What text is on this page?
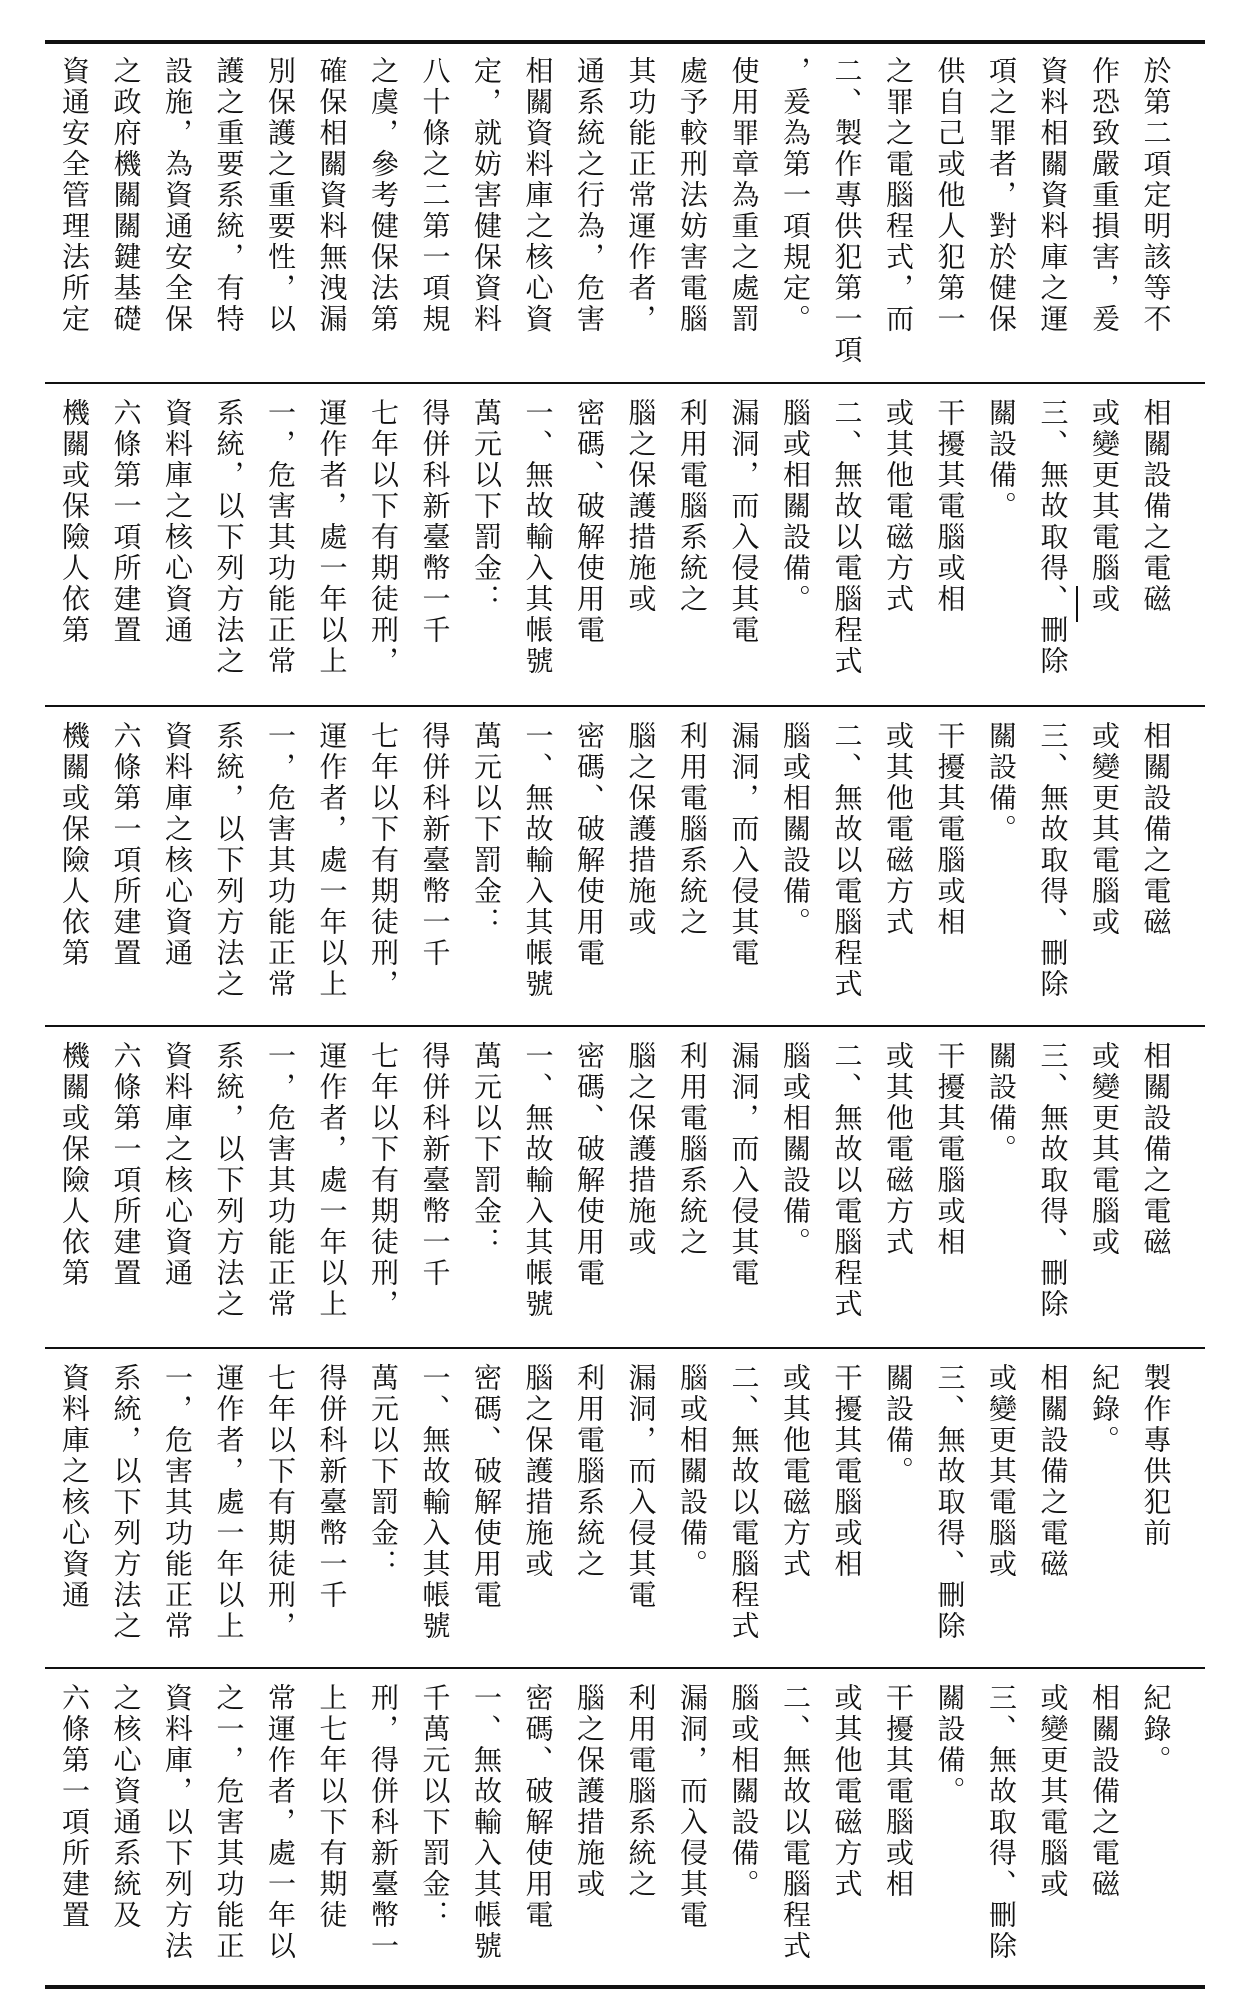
資通安全管理法所定 之政府機關關鍵基礎 設施，為資通安全保 護之重要系統，有特 別保護之重要性，以 確保相關資料無洩漏 之虞，參考健保法第 八十條之二第一項規 定，就妨害健保資料 相關資料庫之核心資 通系統之行為，危害 其功能正常運作者， 處予較刑法妨害電腦 使用罪章為重之處罰 ，爰為第一項規定。 二、製作專供犯第一項 之罪之電腦程式，而 供自己或他人犯第一 項之罪者，對於健保 資料相關資料庫之運 作恐致嚴重損害，爰 於第二項定明該等不
機關或保險人依第 六條第一項所建置 資料庫之核心資通 系統，以下列方法之 一，危害其功能正常 運作者，處一年以上 七年以下有期徒刑， 得併科新臺幣一千 萬元以下罰金： 一、無故輸入其帳號 密碼、破解使用電 腦之保護措施或 利用電腦系統之 漏洞，而入侵其電 腦或相關設備。 二、無故以電腦程式 或其他電磁方式 干擾其電腦或相 關設備。 三、無故取得、刪除 或變更其電腦或 相關設備之電磁
機關或保險人依第 六條第一項所建置 資料庫之核心資通 系統，以下列方法之 一，危害其功能正常 運作者，處一年以上 七年以下有期徒刑， 得併科新臺幣一千 萬元以下罰金： 一、無故輸入其帳號 密碼、破解使用電 腦之保護措施或 利用電腦系統之 漏洞，而入侵其電 腦或相關設備。 二、無故以電腦程式 或其他電磁方式 干擾其電腦或相 關設備。 三、無故取得、刪除 或變更其電腦或 相關設備之電磁
機關或保險人依第 六條第一項所建置 資料庫之核心資通 系統，以下列方法之 一，危害其功能正常 運作者，處一年以上 七年以下有期徒刑， 得併科新臺幣一千 萬元以下罰金： 一、無故輸入其帳號 密碼、破解使用電 腦之保護措施或 利用電腦系統之 漏洞，而入侵其電 腦或相關設備。 二、無故以電腦程式 或其他電磁方式 干擾其電腦或相 關設備。 三、無故取得、刪除 或變更其電腦或 相關設備之電磁
資料庫之核心資通 系統，以下列方法之 一，危害其功能正常 運作者，處一年以上 七年以下有期徒刑， 得併科新臺幣一千 萬元以下罰金： 一、無故輸入其帳號 密碼、破解使用電 腦之保護措施或 利用電腦系統之 漏洞，而入侵其電 腦或相關設備。 二、無故以電腦程式 或其他電磁方式 干擾其電腦或相 關設備。 三、無故取得、刪除 或變更其電腦或 相關設備之電磁 紀錄。 製作專供犯前
六條第一項所建置 之核心資通系統及 資料庫，以下列方法 之一，危害其功能正 常運作者，處一年以 上七年以下有期徒 刑，得併科新臺幣一 千萬元以下罰金： 一、無故輸入其帳號 密碼、破解使用電 腦之保護措施或 利用電腦系統之 漏洞，而入侵其電 腦或相關設備。 二、無故以電腦程式 或其他電磁方式 干擾其電腦或相 關設備。 三、無故取得、刪除 或變更其電腦或 相關設備之電磁 紀錄。
